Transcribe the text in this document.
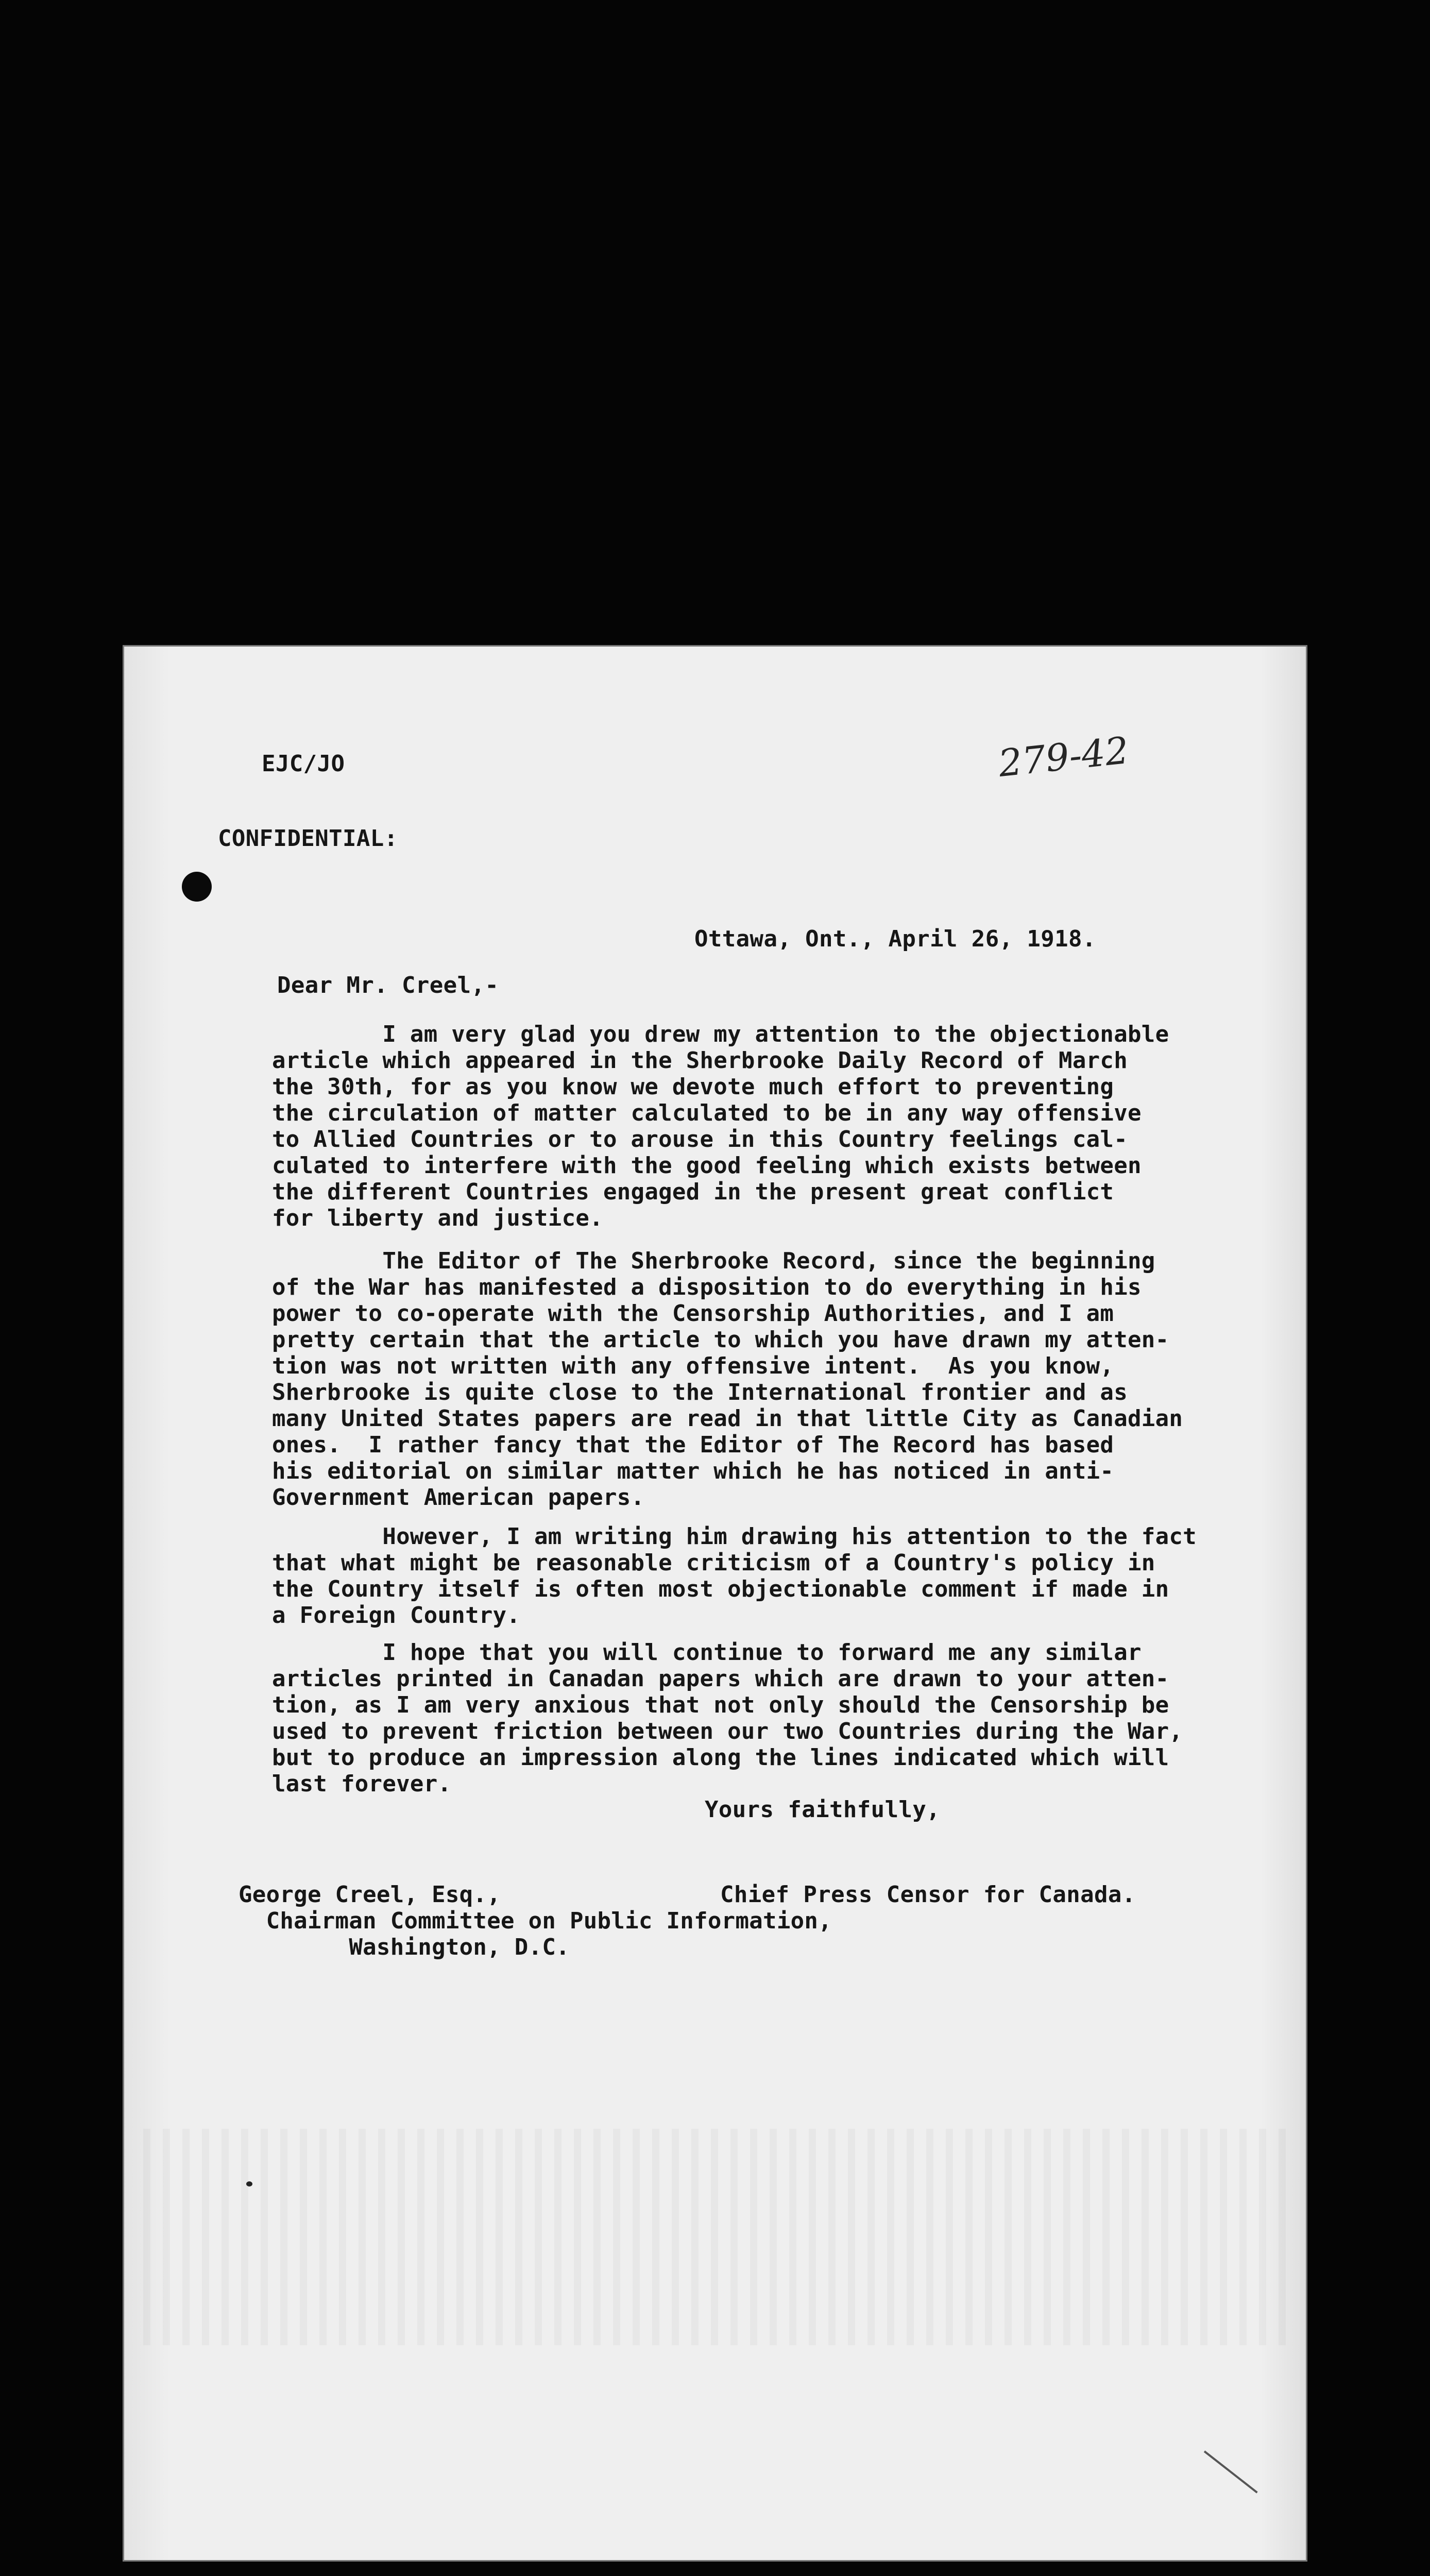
EJC/JO	279-42
CONFIDENTIAL:
Ottawa, Ont., April 26, 1918.
Dear Mr. Creel,-
I am very glad you drew my attention to the objectionable
article which appeared in the Sherbrooke Daily Record of March
the 30th, for as you know we devote much effort to preventing
the circulation of matter calculated to be in any way offensive
to Allied Countries or to arouse in this Country feelings cal-
culated to interfere with the good feeling which exists between
the different Countries engaged in the present great conflict
for liberty and justice.
The Editor of The Sherbrooke Record, since the beginning
of the War has manifested a disposition to do everything in his
power to co-operate with the Censorship Authorities, and I am
pretty certain that the article to which you have drawn my atten-
tion was not written with any offensive intent.  As you know,
Sherbrooke is quite close to the International frontier and as
many United States papers are read in that little City as Canadian
ones.  I rather fancy that the Editor of The Record has based
his editorial on similar matter which he has noticed in anti-
Government American papers.
However, I am writing him drawing his attention to the fact
that what might be reasonable criticism of a Country's policy in
the Country itself is often most objectionable comment if made in
a Foreign Country.
I hope that you will continue to forward me any similar
articles printed in Canadan papers which are drawn to your atten-
tion, as I am very anxious that not only should the Censorship be
used to prevent friction between our two Countries during the War,
but to produce an impression along the lines indicated which will
last forever.
Yours faithfully,
George Creel, Esq.,
Chairman Committee on Public Information,
Washington, D.C.
Chief Press Censor for Canada.
